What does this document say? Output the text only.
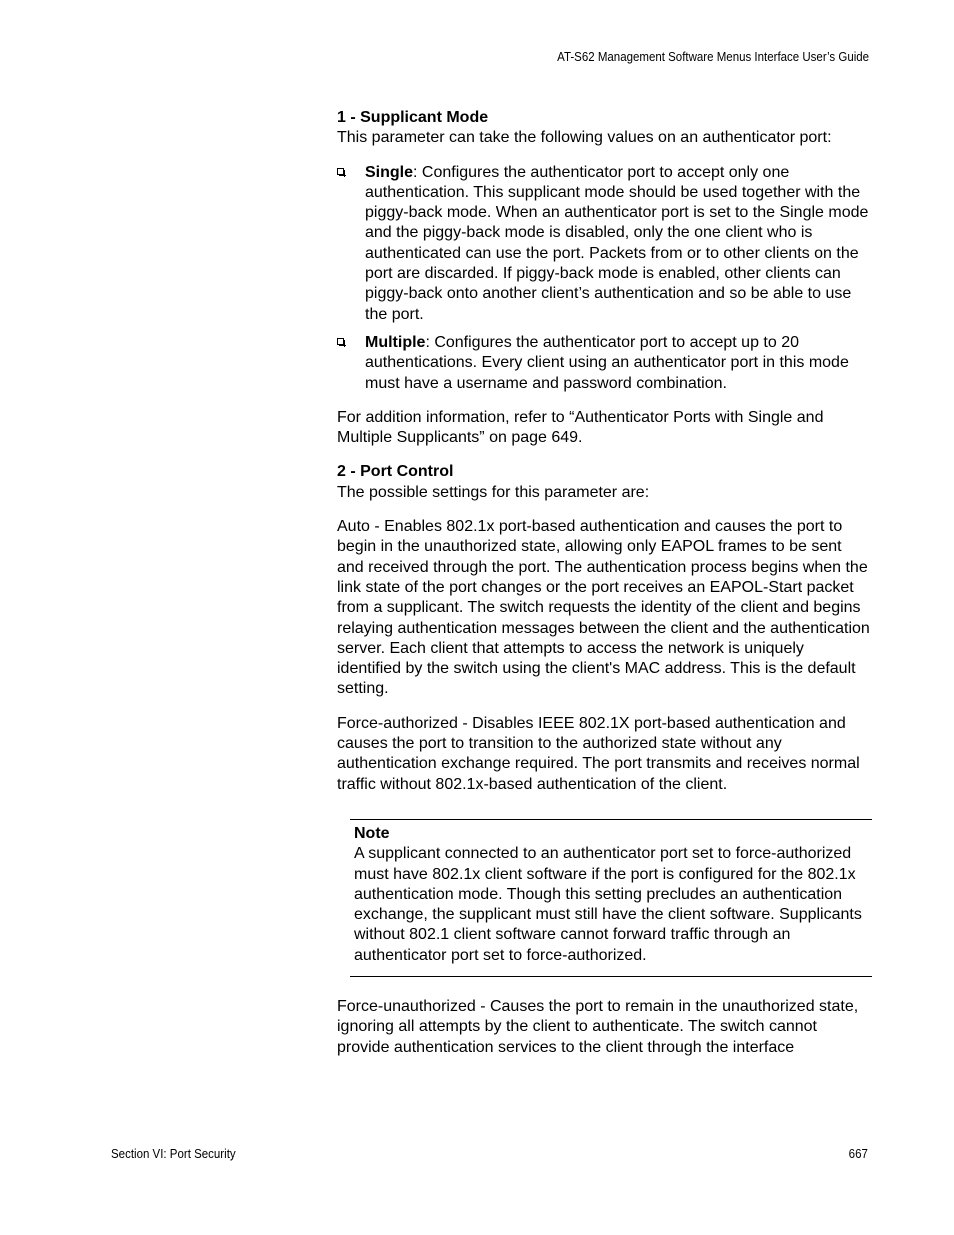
AT-S62 Management Software Menus Interface User’s Guide

1 - Supplicant Mode

This parameter can take the following values on an authenticator port:

Single: Configures the authenticator port to accept only one authentication. This supplicant mode should be used together with the piggy-back mode. When an authenticator port is set to the Single mode and the piggy-back mode is disabled, only the one client who is authenticated can use the port. Packets from or to other clients on the port are discarded. If piggy-back mode is enabled, other clients can piggy-back onto another client’s authentication and so be able to use the port.
Multiple: Configures the authenticator port to accept up to 20 authentications. Every client using an authenticator port in this mode must have a username and password combination.

For addition information, refer to “Authenticator Ports with Single and Multiple Supplicants” on page 649.

2 - Port Control

The possible settings for this parameter are:

Auto - Enables 802.1x port-based authentication and causes the port to begin in the unauthorized state, allowing only EAPOL frames to be sent and received through the port. The authentication process begins when the link state of the port changes or the port receives an EAPOL-Start packet from a supplicant. The switch requests the identity of the client and begins relaying authentication messages between the client and the authentication server. Each client that attempts to access the network is uniquely identified by the switch using the client's MAC address. This is the default setting.

Force-authorized - Disables IEEE 802.1X port-based authentication and causes the port to transition to the authorized state without any authentication exchange required. The port transmits and receives normal traffic without 802.1x-based authentication of the client.

Note

A supplicant connected to an authenticator port set to force-authorized must have 802.1x client software if the port is configured for the 802.1x authentication mode. Though this setting precludes an authentication exchange, the supplicant must still have the client software. Supplicants without 802.1 client software cannot forward traffic through an authenticator port set to force-authorized.

Force-unauthorized - Causes the port to remain in the unauthorized state, ignoring all attempts by the client to authenticate. The switch cannot provide authentication services to the client through the interface

Section VI: Port Security	667
